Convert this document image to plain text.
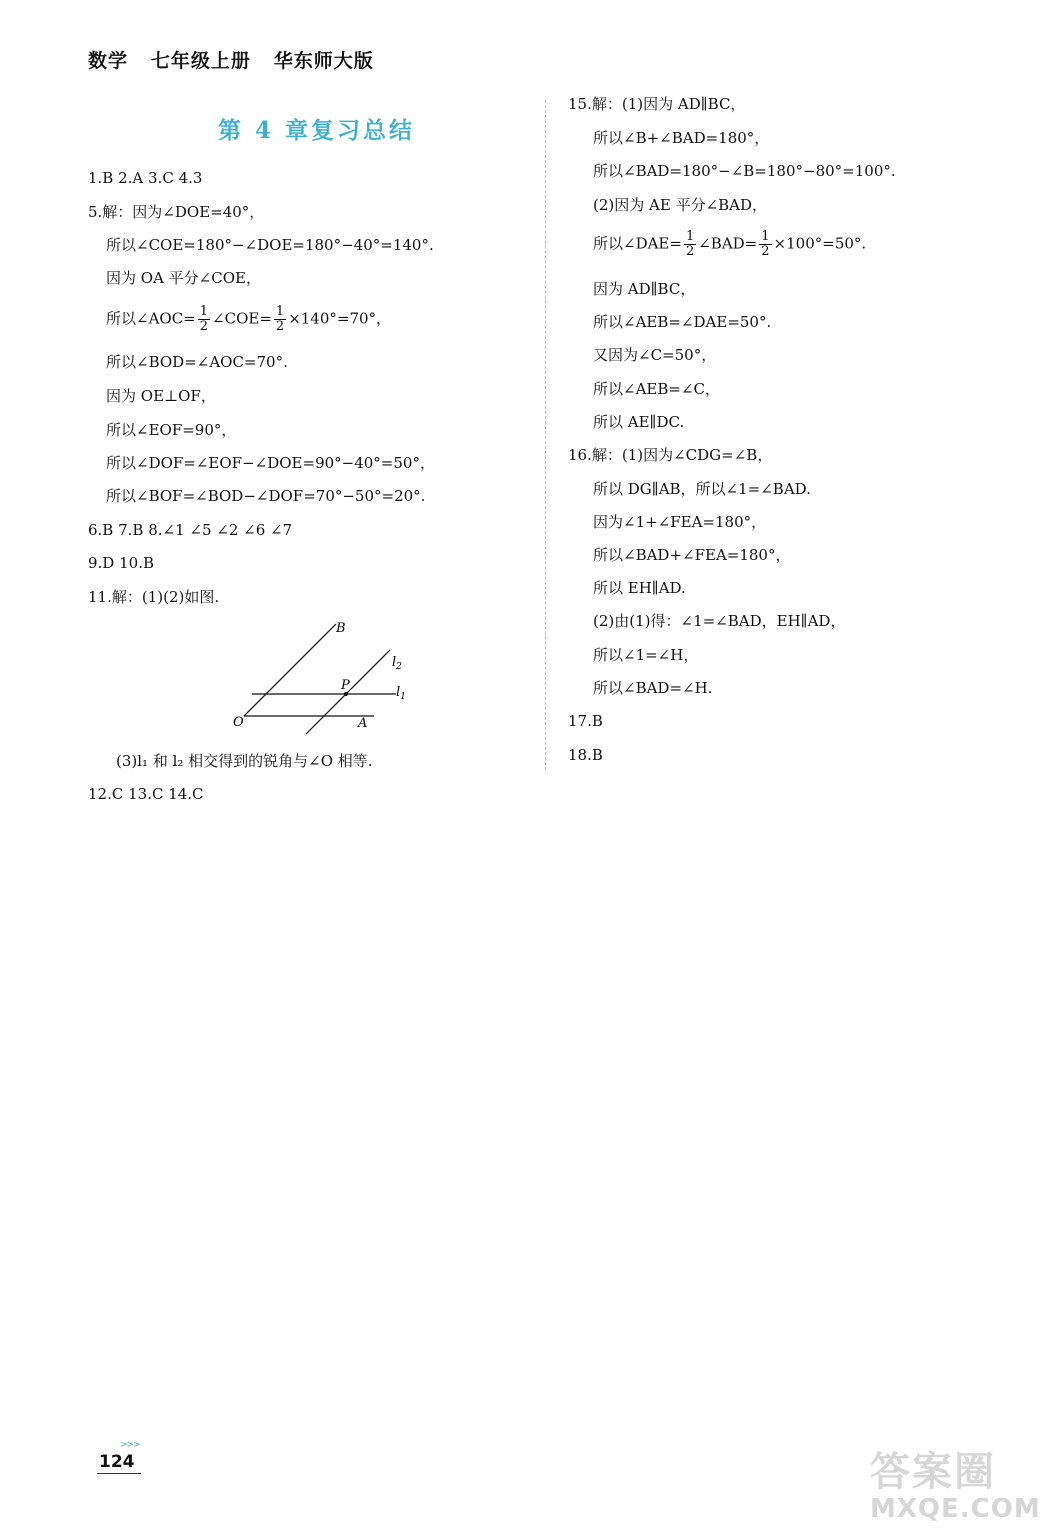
数学   七年级上册   华东师大版
第 4 章复习总结
1.B 2.A 3.C 4.3
5.解：因为∠DOE=40°，
所以∠COE=180°−∠DOE=180°−40°=140°.
因为 OA 平分∠COE，
所以∠AOC= $\frac{1}{2}$ ∠COE= $\frac{1}{2} \times 140^\circ=70^\circ$，
所以∠BOD=∠AOC=70°.
因为 OE⊥OF，
所以∠EOF=90°，
所以∠DOF=∠EOF−∠DOE=90°−40°=50°，
所以∠BOF=∠BOD−∠DOF=70°−50°=20°.
6.B 7.B 8.∠1 ∠5 ∠2 ∠6 ∠7
9.D 10.B
11.解：(1)(2)如图.
B
$l_2$
P	$l_1$
O	A
(3)l₁ 和 l₂ 相交得到的锐角与∠O 相等.
12.C 13.C 14.C
15.解：(1)因为 AD∥BC，
所以∠B+∠BAD=180°，
所以∠BAD=180°−∠B=180°−80°=100°.
(2)因为 AE 平分∠BAD，
所以∠DAE= $\frac{1}{2}$ ∠BAD= $\frac{1}{2} \times 100^\circ=50^\circ$.
因为 AD∥BC，
所以∠AEB=∠DAE=50°.
又因为∠C=50°，
所以∠AEB=∠C，
所以 AE∥DC.
16.解：(1)因为∠CDG=∠B，
所以 DG∥AB，所以∠1=∠BAD.
因为∠1+∠FEA=180°，
所以∠BAD+∠FEA=180°，
所以 EH∥AD.
(2)由(1)得：∠1=∠BAD，EH∥AD，
所以∠1=∠H，
所以∠BAD=∠H.
17.B
18.B
>>>
124	答案圈
MXQE.COM
